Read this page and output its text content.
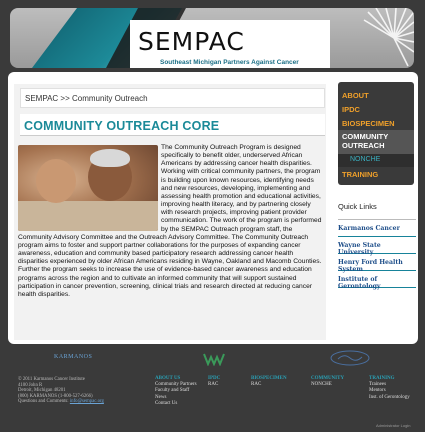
SEMPAC
Southeast Michigan Partners Against Cancer
SEMPAC >> Community Outreach
COMMUNITY OUTREACH CORE
The Community Outreach Program is designed specifically to benefit older, underserved African Americans by addressing cancer health disparities. Working with critical community partners, the program is building upon known resources, identifying needs and new resources, developing, implementing and assessing health promotion and educational activities, improving health literacy, and by partnering closely with research projects, improving patient provider communication. The work of the program is performed by the SEMPAC Outreach program staff, the Community Advisory Committee and the Outreach Advisory Committee. The Community Outreach program aims to foster and support partner collaborations for the purposes of expanding cancer awareness, education and community based participatory research addressing cancer health disparities experienced by older African Americans residing in Wayne, Oakland and Macomb Counties. Further the program seeks to increase the use of evidence-based cancer awareness and education programs across the region and to cultivate an informed community that will support sustained participation in cancer prevention, screening, clinical trials and research directed at reducing cancer health disparities.
ABOUT
IPDC
BIOSPECIMEN
COMMUNITY OUTREACH
NONCHE
TRAINING
Quick Links
Karmanos Cancer
Wayne State University
Henry Ford Health System
Institute of Gerontology
KARMANOS
© 2011 Karmanos Cancer Institute
4100 John R
Detroit, Michigan 48201
(800) KARMANOS (1-800-527-6266)
Questions and Comments: info@sempac.org
ABOUT US
Community Partners
Faculty and Staff
News
Contact Us
IPDC
RAC
BIOSPECIMEN
RAC
COMMUNITY
NONCHE
TRAINING
Trainees
Mentors
Inst. of Gerontology
Administrator Login
